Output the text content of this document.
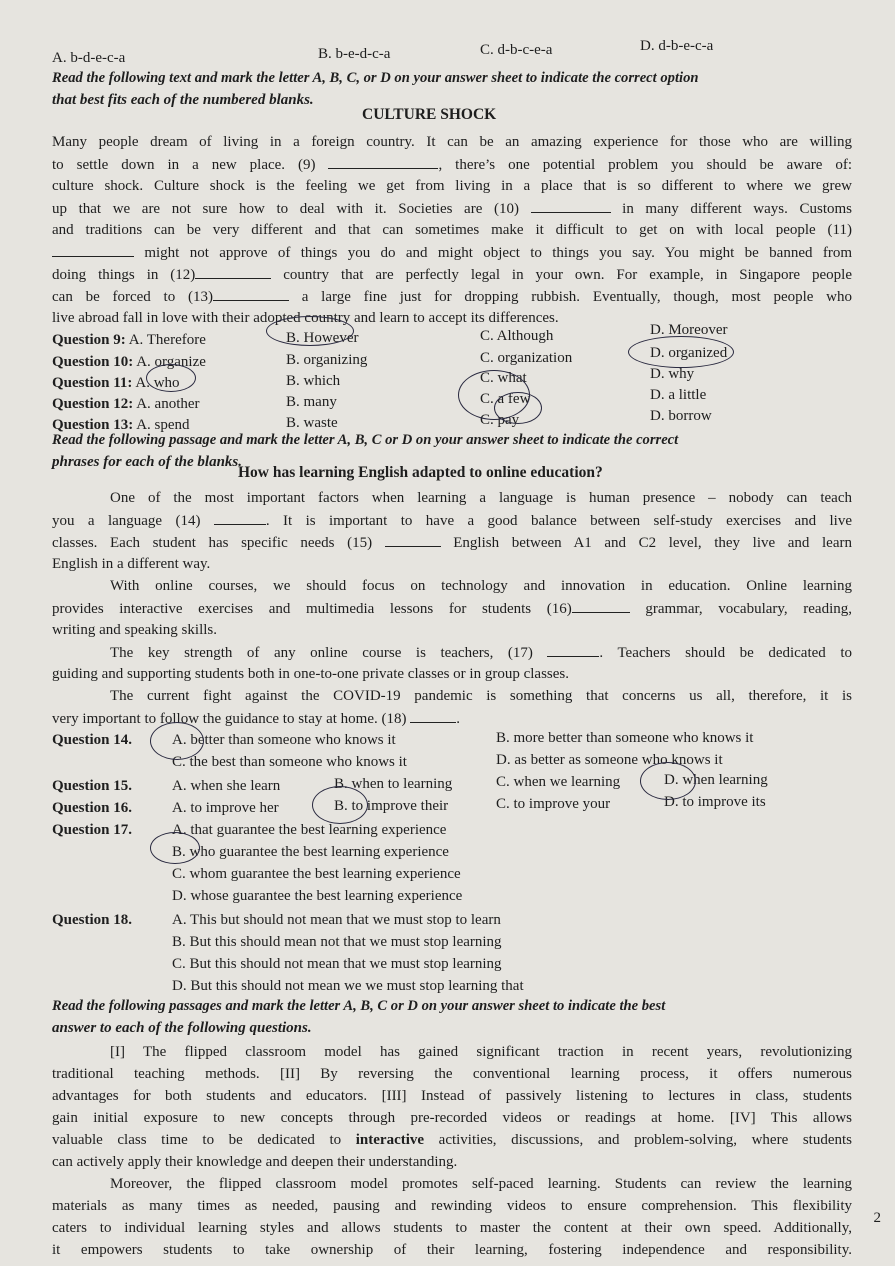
A. b-d-e-c-a	B. b-e-d-c-a	C. d-b-c-e-a	D. d-b-e-c-a
Read the following text and mark the letter A, B, C, or D on your answer sheet to indicate the correct option
that best fits each of the numbered blanks.
CULTURE SHOCK
Many people dream of living in a foreign country. It can be an amazing experience for those who are willing
to settle down in a new place. (9)	, there’s one potential problem you should be aware of:
culture shock. Culture shock is the feeling we get from living in a place that is so different to where we grew
up that we are not sure how to deal with it. Societies are (10)	in many different ways. Customs
and traditions can be very different and that can sometimes make it difficult to get on with local people (11)
might not approve of things you do and might object to things you say. You might be banned from
doing things in (12)	country that are perfectly legal in your own. For example, in Singapore people
can be forced to (13)	a large fine just for dropping rubbish. Eventually, though, most people who
live abroad fall in love with their adopted country and learn to accept its differences.
Question 9: A. Therefore	B. However	C. Although	D. Moreover
Question 10: A. organize	B. organizing	C. organization	D. organized
Question 11: A. who	B. which	C. what	D. why
Question 12: A. another	B. many	C. a few	D. a little
Question 13: A. spend	B. waste	C. pay	D. borrow
Read the following passage and mark the letter A, B, C or D on your answer sheet to indicate the correct
phrases for each of the blanks.
How has learning English adapted to online education?
One of the most important factors when learning a language is human presence – nobody can teach
you a language (14)	. It is important to have a good balance between self-study exercises and live
classes. Each student has specific needs (15)	English between A1 and C2 level, they live and learn
English in a different way.
With online courses, we should focus on technology and innovation in education. Online learning
provides interactive exercises and multimedia lessons for students (16)	grammar, vocabulary, reading,
writing and speaking skills.
The key strength of any online course is teachers, (17)	. Teachers should be dedicated to
guiding and supporting students both in one-to-one private classes or in group classes.
The current fight against the COVID-19 pandemic is something that concerns us all, therefore, it is
very important to follow the guidance to stay at home. (18)	.
Question 14.	A. better than someone who knows it	B. more better than someone who knows it
C. the best than someone who knows it	D. as better as someone who knows it
Question 15.	A. when she learn	B. when to learning	C. when we learning	D. when learning
Question 16.	A. to improve her	B. to improve their	C. to improve your	D. to improve its
Question 17.	A. that guarantee the best learning experience
B. who guarantee the best learning experience
C. whom guarantee the best learning experience
D. whose guarantee the best learning experience
Question 18.	A. This but should not mean that we must stop to learn
B. But this should mean not that we must stop learning
C. But this should not mean that we must stop learning
D. But this should not mean we we must stop learning that
Read the following passages and mark the letter A, B, C or D on your answer sheet to indicate the best
answer to each of the following questions.
[I] The flipped classroom model has gained significant traction in recent years, revolutionizing
traditional teaching methods. [II] By reversing the conventional learning process, it offers numerous
advantages for both students and educators. [III] Instead of passively listening to lectures in class, students
gain initial exposure to new concepts through pre-recorded videos or readings at home. [IV] This allows
valuable class time to be dedicated to interactive activities, discussions, and problem-solving, where students
can actively apply their knowledge and deepen their understanding.
Moreover, the flipped classroom model promotes self-paced learning. Students can review the learning
materials as many times as needed, pausing and rewinding videos to ensure comprehension. This flexibility
caters to individual learning styles and allows students to master the content at their own speed. Additionally,
it empowers students to take ownership of their learning, fostering independence and responsibility.
2
